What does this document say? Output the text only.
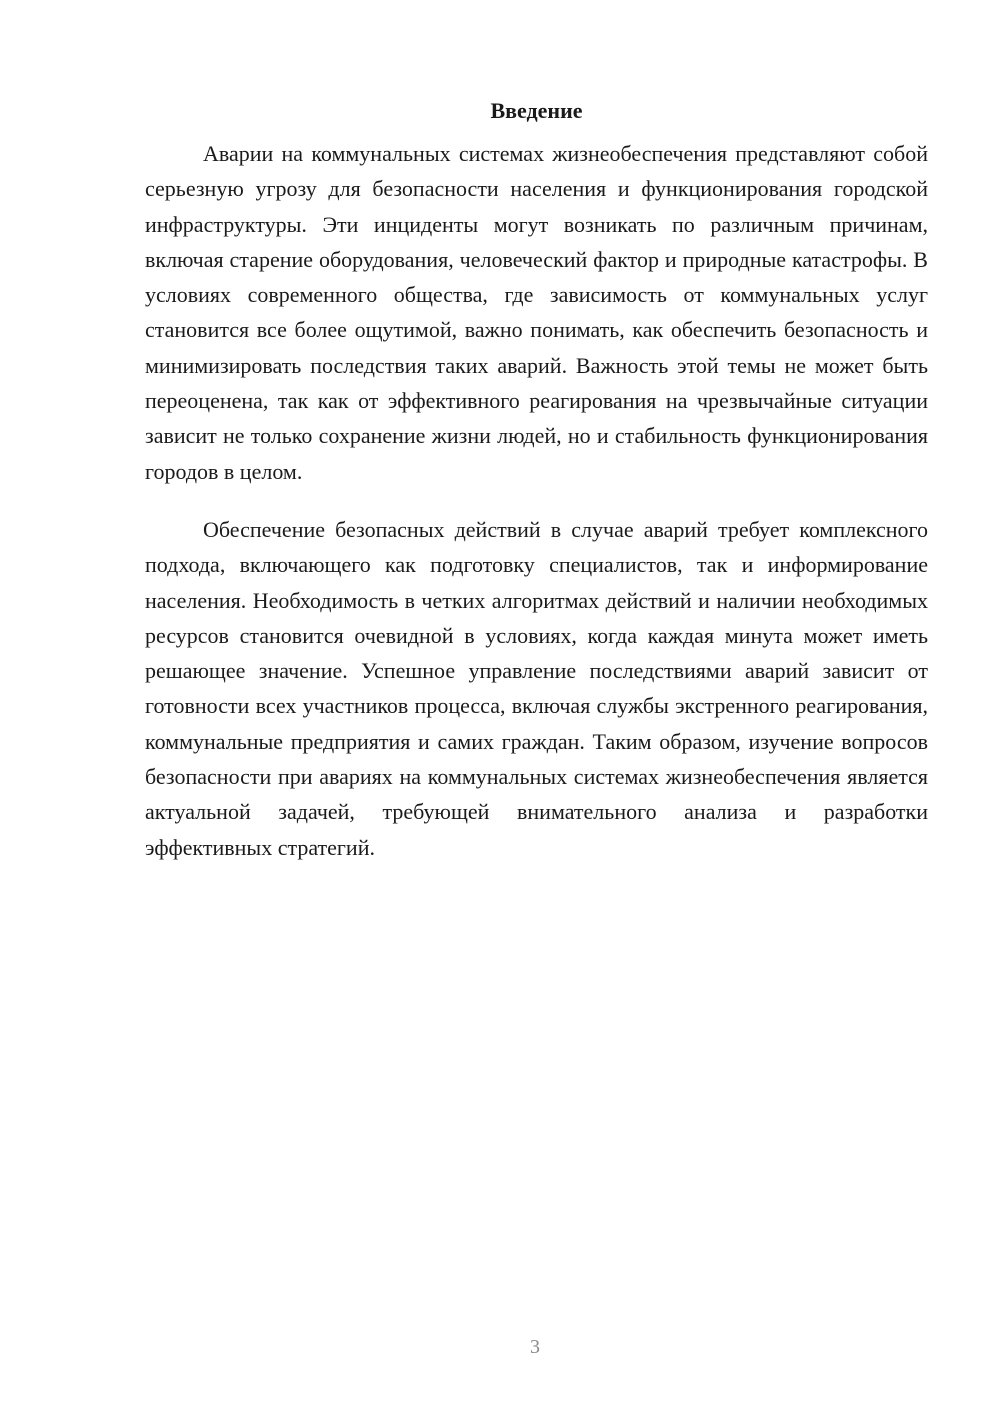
Введение

Аварии на коммунальных системах жизнеобеспечения представляют собой серьезную угрозу для безопасности населения и функционирования городской инфраструктуры. Эти инциденты могут возникать по различным причинам, включая старение оборудования, человеческий фактор и природные катастрофы. В условиях современного общества, где зависимость от коммунальных услуг становится все более ощутимой, важно понимать, как обеспечить безопасность и минимизировать последствия таких аварий. Важность этой темы не может быть переоценена, так как от эффективного реагирования на чрезвычайные ситуации зависит не только сохранение жизни людей, но и стабильность функционирования городов в целом.

Обеспечение безопасных действий в случае аварий требует комплексного подхода, включающего как подготовку специалистов, так и информирование населения. Необходимость в четких алгоритмах действий и наличии необходимых ресурсов становится очевидной в условиях, когда каждая минута может иметь решающее значение. Успешное управление последствиями аварий зависит от готовности всех участников процесса, включая службы экстренного реагирования, коммунальные предприятия и самих граждан. Таким образом, изучение вопросов безопасности при авариях на коммунальных системах жизнеобеспечения является актуальной задачей, требующей внимательного анализа и разработки эффективных стратегий.

3
